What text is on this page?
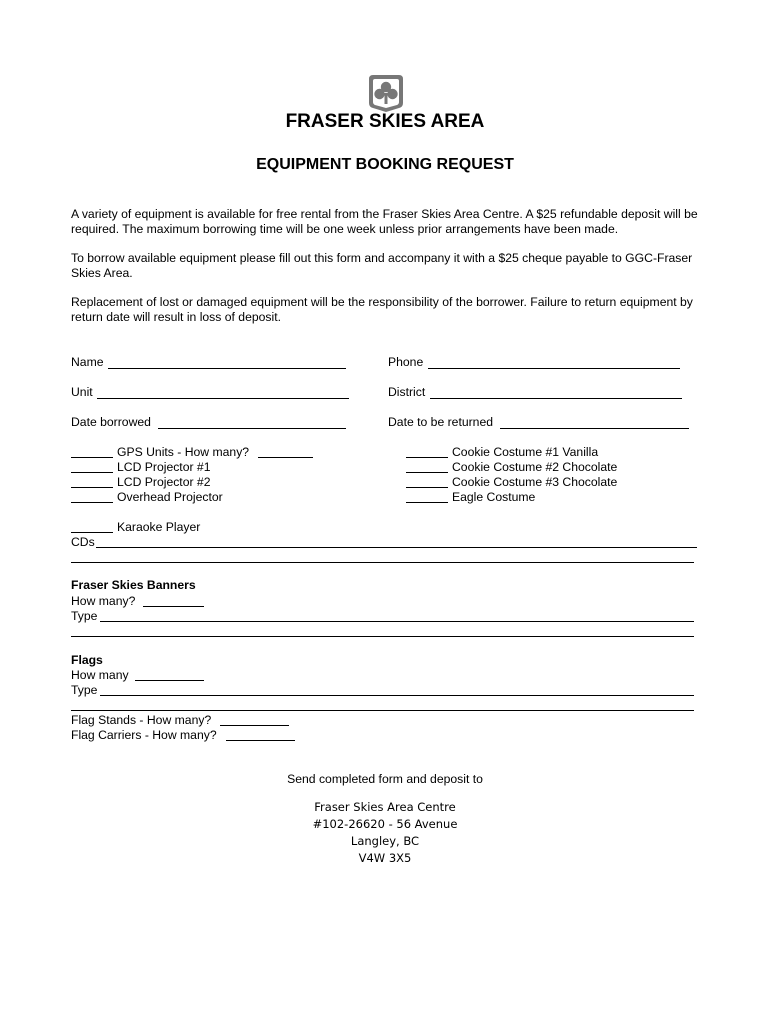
FRASER SKIES AREA
EQUIPMENT BOOKING REQUEST
A variety of equipment is available for free rental from the Fraser Skies Area Centre. A $25 refundable deposit will be required. The maximum borrowing time will be one week unless prior arrangements have been made.
To borrow available equipment please fill out this form and accompany it with a $25 cheque payable to GGC-Fraser Skies Area.
Replacement of lost or damaged equipment will be the responsibility of the borrower. Failure to return equipment by return date will result in loss of deposit.
Name	Phone
Unit	District
Date borrowed	Date to be returned
GPS Units - How many?
LCD Projector #1
LCD Projector #2
Overhead Projector
Cookie Costume #1 Vanilla
Cookie Costume #2 Chocolate
Cookie Costume #3 Chocolate
Eagle Costume
Karaoke Player
CDs
Fraser Skies Banners
How many?
Type
Flags
How many
Type
Flag Stands - How many?
Flag Carriers - How many?
Send completed form and deposit to
Fraser Skies Area Centre
#102-26620 - 56 Avenue
Langley, BC
V4W 3X5
